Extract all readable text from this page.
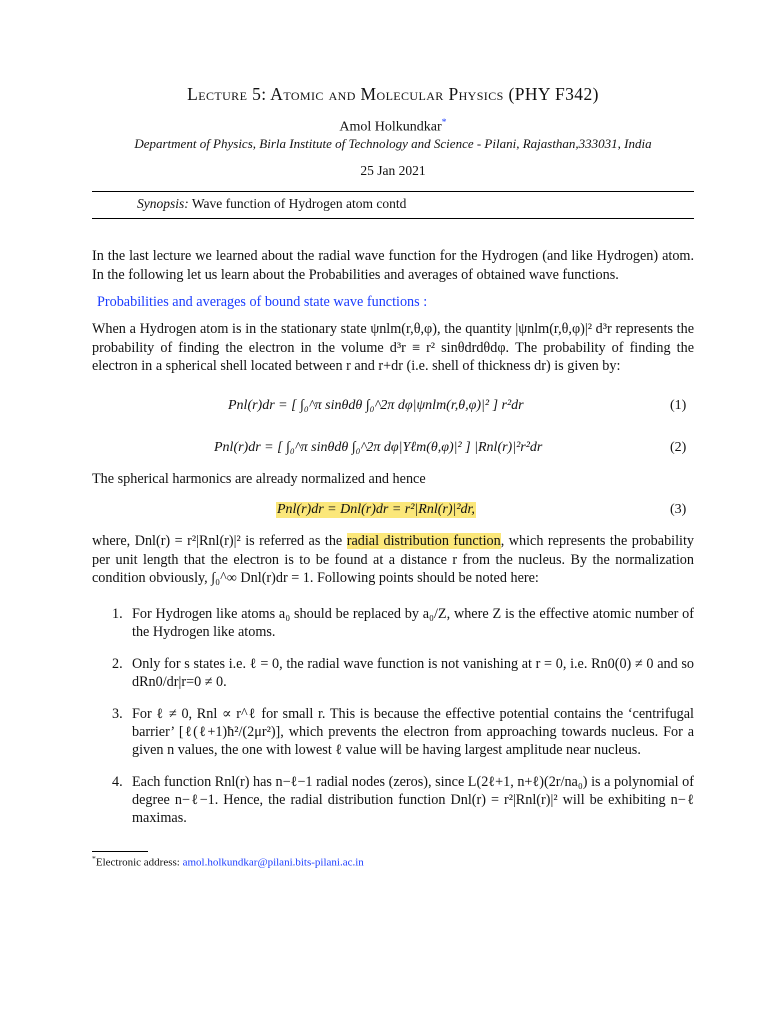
Lecture 5: Atomic and Molecular Physics (PHY F342)
Amol Holkundkar*
Department of Physics, Birla Institute of Technology and Science - Pilani, Rajasthan,333031, India
25 Jan 2021
Synopsis: Wave function of Hydrogen atom contd
In the last lecture we learned about the radial wave function for the Hydrogen (and like Hydrogen) atom. In the following let us learn about the Probabilities and averages of obtained wave functions.
Probabilities and averages of bound state wave functions :
When a Hydrogen atom is in the stationary state ψnlm(r,θ,φ), the quantity |ψnlm(r,θ,φ)|² d³r represents the probability of finding the electron in the volume d³r ≡ r² sinθdrdθdφ. The probability of finding the electron in a spherical shell located between r and r+dr (i.e. shell of thickness dr) is given by:
Pnl(r)dr = [ ∫₀^π sinθdθ ∫₀^2π dφ|ψnlm(r,θ,φ)|² ] r²dr	(1)
Pnl(r)dr = [ ∫₀^π sinθdθ ∫₀^2π dφ|Yℓm(θ,φ)|² ] |Rnl(r)|²r²dr	(2)
The spherical harmonics are already normalized and hence
Pnl(r)dr = Dnl(r)dr = r²|Rnl(r)|²dr,	(3)
where, Dnl(r) = r²|Rnl(r)|² is referred as the radial distribution function, which represents the probability per unit length that the electron is to be found at a distance r from the nucleus. By the normalization condition obviously, ∫₀^∞ Dnl(r)dr = 1. Following points should be noted here:
1. For Hydrogen like atoms a₀ should be replaced by a₀/Z, where Z is the effective atomic number of the Hydrogen like atoms.
2. Only for s states i.e. ℓ = 0, the radial wave function is not vanishing at r = 0, i.e. Rn0(0) ≠ 0 and so dRn0/dr|r=0 ≠ 0.
3. For ℓ ≠ 0, Rnl ∝ r^ℓ for small r. This is because the effective potential contains the ‘centrifugal barrier’ [ℓ(ℓ+1)ħ²/(2μr²)], which prevents the electron from approaching towards nucleus. For a given n values, the one with lowest ℓ value will be having largest amplitude near nucleus.
4. Each function Rnl(r) has n−ℓ−1 radial nodes (zeros), since L(2ℓ+1, n+ℓ)(2r/na₀) is a polynomial of degree n−ℓ−1. Hence, the radial distribution function Dnl(r) = r²|Rnl(r)|² will be exhibiting n−ℓ maximas.
*Electronic address: amol.holkundkar@pilani.bits-pilani.ac.in
